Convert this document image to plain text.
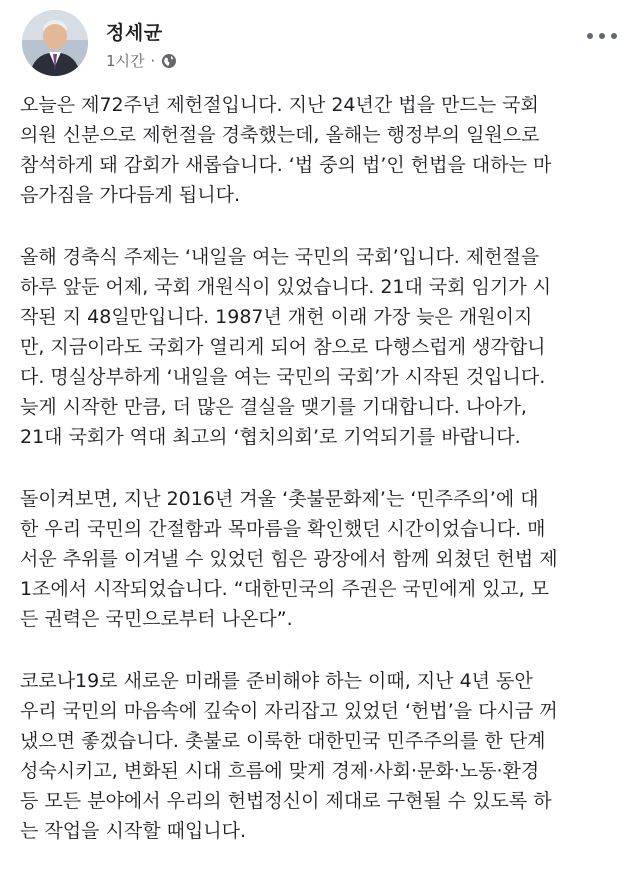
정세균
1시간 ·
오늘은 제72주년 제헌절입니다. 지난 24년간 법을 만드는 국회
의원 신분으로 제헌절을 경축했는데, 올해는 행정부의 일원으로
참석하게 돼 감회가 새롭습니다. ‘법 중의 법’인 헌법을 대하는 마
음가짐을 가다듬게 됩니다.
올해 경축식 주제는 ‘내일을 여는 국민의 국회’입니다. 제헌절을
하루 앞둔 어제, 국회 개원식이 있었습니다. 21대 국회 임기가 시
작된 지 48일만입니다. 1987년 개헌 이래 가장 늦은 개원이지
만, 지금이라도 국회가 열리게 되어 참으로 다행스럽게 생각합니
다. 명실상부하게 ‘내일을 여는 국민의 국회’가 시작된 것입니다.
늦게 시작한 만큼, 더 많은 결실을 맺기를 기대합니다. 나아가,
21대 국회가 역대 최고의 ‘협치의회’로 기억되기를 바랍니다.
돌이켜보면, 지난 2016년 겨울 ‘촛불문화제’는 ‘민주주의’에 대
한 우리 국민의 간절함과 목마름을 확인했던 시간이었습니다. 매
서운 추위를 이겨낼 수 있었던 힘은 광장에서 함께 외쳤던 헌법 제
1조에서 시작되었습니다. “대한민국의 주권은 국민에게 있고, 모
든 권력은 국민으로부터 나온다”.
코로나19로 새로운 미래를 준비해야 하는 이때, 지난 4년 동안
우리 국민의 마음속에 깊숙이 자리잡고 있었던 ‘헌법’을 다시금 꺼
냈으면 좋겠습니다. 촛불로 이룩한 대한민국 민주주의를 한 단계
성숙시키고, 변화된 시대 흐름에 맞게 경제·사회·문화·노동·환경
등 모든 분야에서 우리의 헌법정신이 제대로 구현될 수 있도록 하
는 작업을 시작할 때입니다.
